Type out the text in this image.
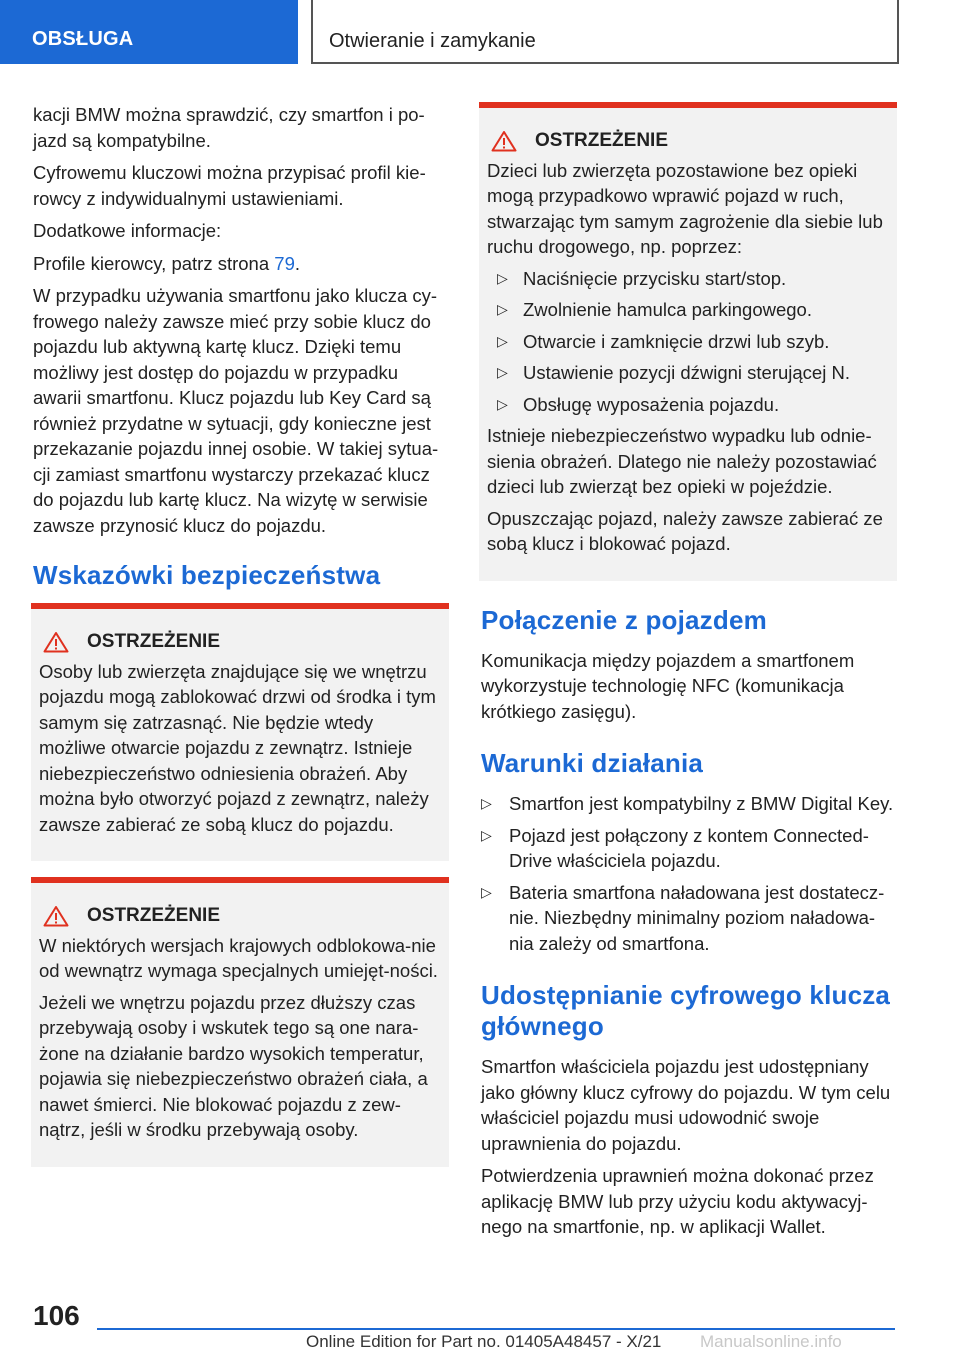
OBSŁUGA	Otwieranie i zamykanie

kacji BMW można sprawdzić, czy smartfon i po-jazd są kompatybilne.

Cyfrowemu kluczowi można przypisać profil kie-rowcy z indywidualnymi ustawieniami.

Dodatkowe informacje:

Profile kierowcy, patrz strona 79.

W przypadku używania smartfonu jako klucza cy-frowego należy zawsze mieć przy sobie klucz do pojazdu lub aktywną kartę klucz. Dzięki temu możliwy jest dostęp do pojazdu w przypadku awarii smartfonu. Klucz pojazdu lub Key Card są również przydatne w sytuacji, gdy konieczne jest przekazanie pojazdu innej osobie. W takiej sytua-cji zamiast smartfonu wystarczy przekazać klucz do pojazdu lub kartę klucz. Na wizytę w serwisie zawsze przynosić klucz do pojazdu.

Wskazówki bezpieczeństwa
OSTRZEŻENIE

Osoby lub zwierzęta znajdujące się we wnętrzu pojazdu mogą zablokować drzwi od środka i tym samym się zatrzasnąć. Nie będzie wtedy możliwe otwarcie pojazdu z zewnątrz. Istnieje niebezpieczeństwo odniesienia obrażeń. Aby można było otworzyć pojazd z zewnątrz, należy zawsze zabierać ze sobą klucz do pojazdu.

OSTRZEŻENIE

W niektórych wersjach krajowych odblokowa-nie od wewnątrz wymaga specjalnych umiejęt-ności.

Jeżeli we wnętrzu pojazdu przez dłuższy czas przebywają osoby i wskutek tego są one nara-żone na działanie bardzo wysokich temperatur, pojawia się niebezpieczeństwo obrażeń ciała, a nawet śmierci. Nie blokować pojazdu z zew-nątrz, jeśli w środku przebywają osoby.

OSTRZEŻENIE

Dzieci lub zwierzęta pozostawione bez opieki mogą przypadkowo wprawić pojazd w ruch, stwarzając tym samym zagrożenie dla siebie lub ruchu drogowego, np. poprzez:

▷ Naciśnięcie przycisku start/stop.
▷ Zwolnienie hamulca parkingowego.
▷ Otwarcie i zamknięcie drzwi lub szyb.
▷ Ustawienie pozycji dźwigni sterującej N.
▷ Obsługę wyposażenia pojazdu.

Istnieje niebezpieczeństwo wypadku lub odnie-sienia obrażeń. Dlatego nie należy pozostawiać dzieci lub zwierząt bez opieki w pojeździe.

Opuszczając pojazd, należy zawsze zabierać ze sobą klucz i blokować pojazd.

Połączenie z pojazdem

Komunikacja między pojazdem a smartfonem wykorzystuje technologię NFC (komunikacja krótkiego zasięgu).

Warunki działania
▷ Smartfon jest kompatybilny z BMW Digital Key.
▷ Pojazd jest połączony z kontem Connected-Drive właściciela pojazdu.
▷ Bateria smartfona naładowana jest dostatecz-nie. Niezbędny minimalny poziom naładowa-nia zależy od smartfona.
Udostępnianie cyfrowego klucza głównego

Smartfon właściciela pojazdu jest udostępniany jako główny klucz cyfrowy do pojazdu. W tym celu właściciel pojazdu musi udowodnić swoje uprawnienia do pojazdu.

Potwierdzenia uprawnień można dokonać przez aplikację BMW lub przy użyciu kodu aktywacyj-nego na smartfonie, np. w aplikacji Wallet.

106
Online Edition for Part no. 01405A48457 - X/21 Manualsonline.info
